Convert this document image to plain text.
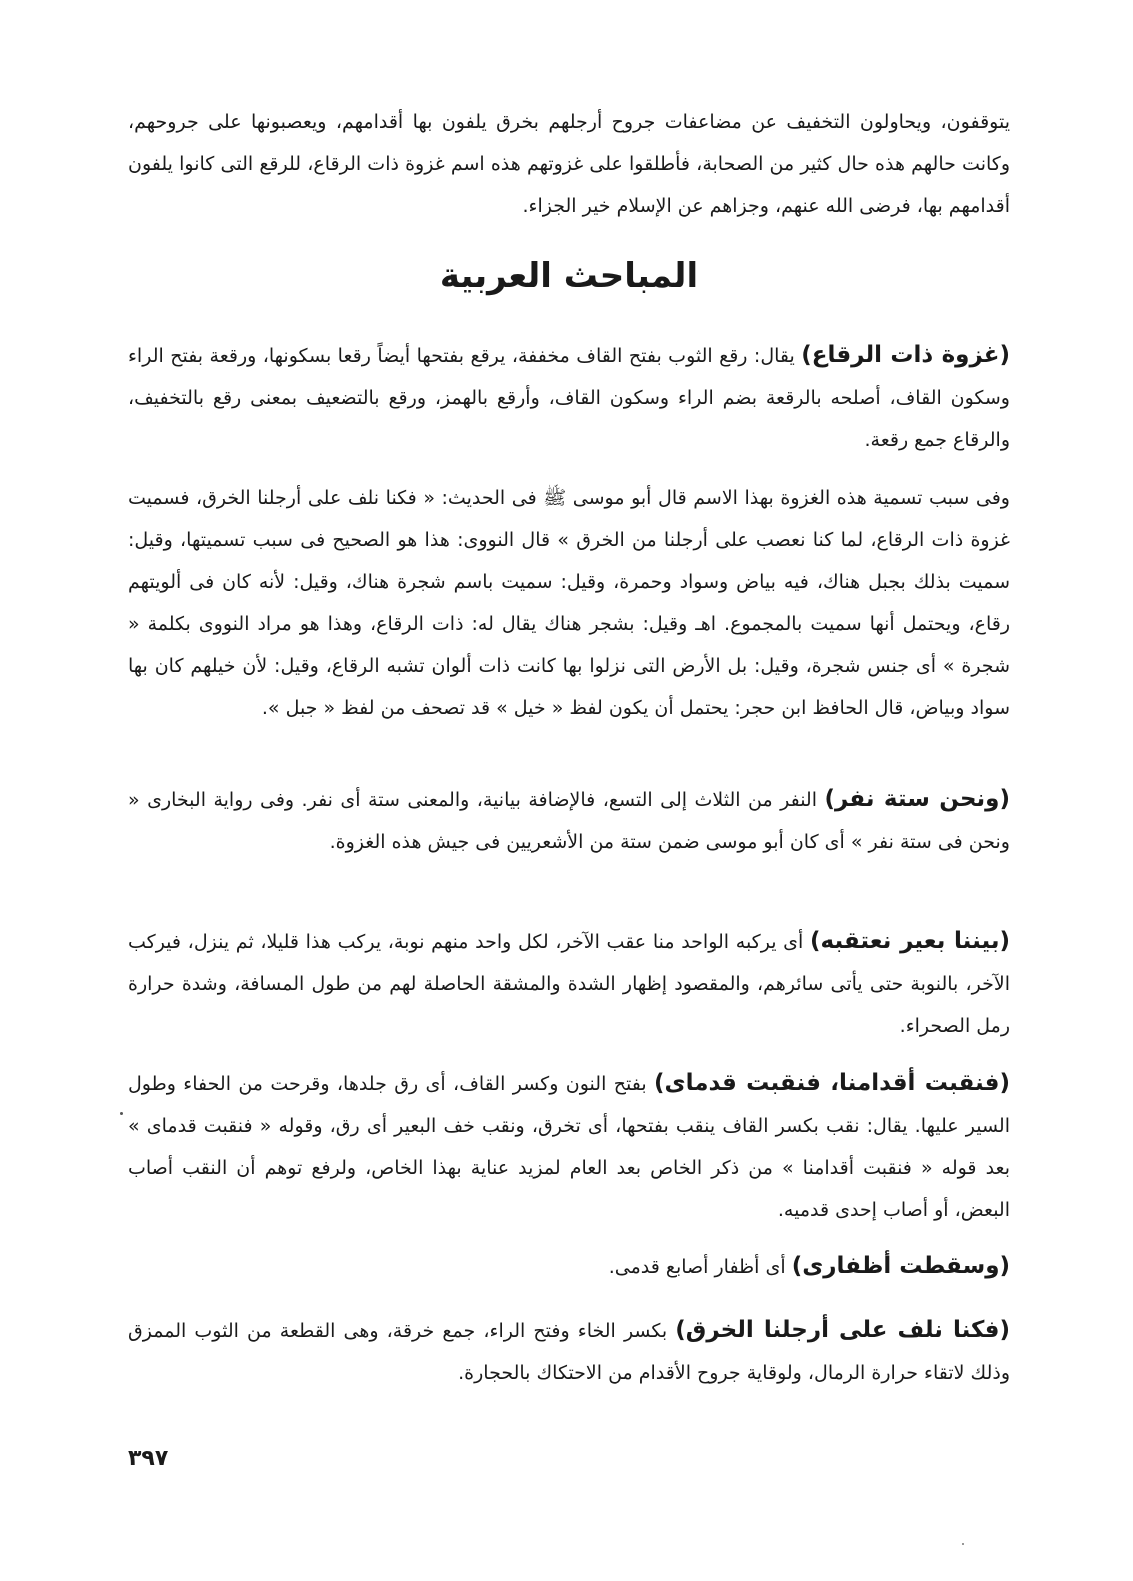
يتوقفون، ويحاولون التخفيف عن مضاعفات جروح أرجلهم بخرق يلفون بها أقدامهم، ويعصبونها على جروحهم، وكانت حالهم هذه حال كثير من الصحابة، فأطلقوا على غزوتهم هذه اسم غزوة ذات الرقاع، للرقع التى كانوا يلفون أقدامهم بها، فرضى الله عنهم، وجزاهم عن الإسلام خير الجزاء.

المباحث العربية

(غزوة ذات الرقاع) يقال: رقع الثوب بفتح القاف مخففة، يرقع بفتحها أيضاً رقعا بسكونها، ورقعة بفتح الراء وسكون القاف، أصلحه بالرقعة بضم الراء وسكون القاف، وأرقع بالهمز، ورقع بالتضعيف بمعنى رقع بالتخفيف، والرقاع جمع رقعة.

وفى سبب تسمية هذه الغزوة بهذا الاسم قال أبو موسى ﷺ فى الحديث: « فكنا نلف على أرجلنا الخرق، فسميت غزوة ذات الرقاع، لما كنا نعصب على أرجلنا من الخرق » قال النووى: هذا هو الصحيح فى سبب تسميتها، وقيل: سميت بذلك بجبل هناك، فيه بياض وسواد وحمرة، وقيل: سميت باسم شجرة هناك، وقيل: لأنه كان فى ألويتهم رقاع، ويحتمل أنها سميت بالمجموع. اهـ وقيل: بشجر هناك يقال له: ذات الرقاع، وهذا هو مراد النووى بكلمة « شجرة » أى جنس شجرة، وقيل: بل الأرض التى نزلوا بها كانت ذات ألوان تشبه الرقاع، وقيل: لأن خيلهم كان بها سواد وبياض، قال الحافظ ابن حجر: يحتمل أن يكون لفظ « خيل » قد تصحف من لفظ « جبل ».

(ونحن ستة نفر) النفر من الثلاث إلى التسع، فالإضافة بيانية، والمعنى ستة أى نفر. وفى رواية البخارى « ونحن فى ستة نفر » أى كان أبو موسى ضمن ستة من الأشعريين فى جيش هذه الغزوة.

(بيننا بعير نعتقبه) أى يركبه الواحد منا عقب الآخر، لكل واحد منهم نوبة، يركب هذا قليلا، ثم ينزل، فيركب الآخر، بالنوبة حتى يأتى سائرهم، والمقصود إظهار الشدة والمشقة الحاصلة لهم من طول المسافة، وشدة حرارة رمل الصحراء.

(فنقبت أقدامنا، فنقبت قدماى) بفتح النون وكسر القاف، أى رق جلدها، وقرحت من الحفاء وطول السير عليها. يقال: نقب بكسر القاف ينقب بفتحها، أى تخرق، ونقب خف البعير أى رق، وقوله « فنقبت قدماى » بعد قوله « فنقبت أقدامنا » من ذكر الخاص بعد العام لمزيد عناية بهذا الخاص، ولرفع توهم أن النقب أصاب البعض، أو أصاب إحدى قدميه.

(وسقطت أظفارى) أى أظفار أصابع قدمى.

(فكنا نلف على أرجلنا الخرق) بكسر الخاء وفتح الراء، جمع خرقة، وهى القطعة من الثوب الممزق وذلك لاتقاء حرارة الرمال، ولوقاية جروح الأقدام من الاحتكاك بالحجارة.

٣٩٧
